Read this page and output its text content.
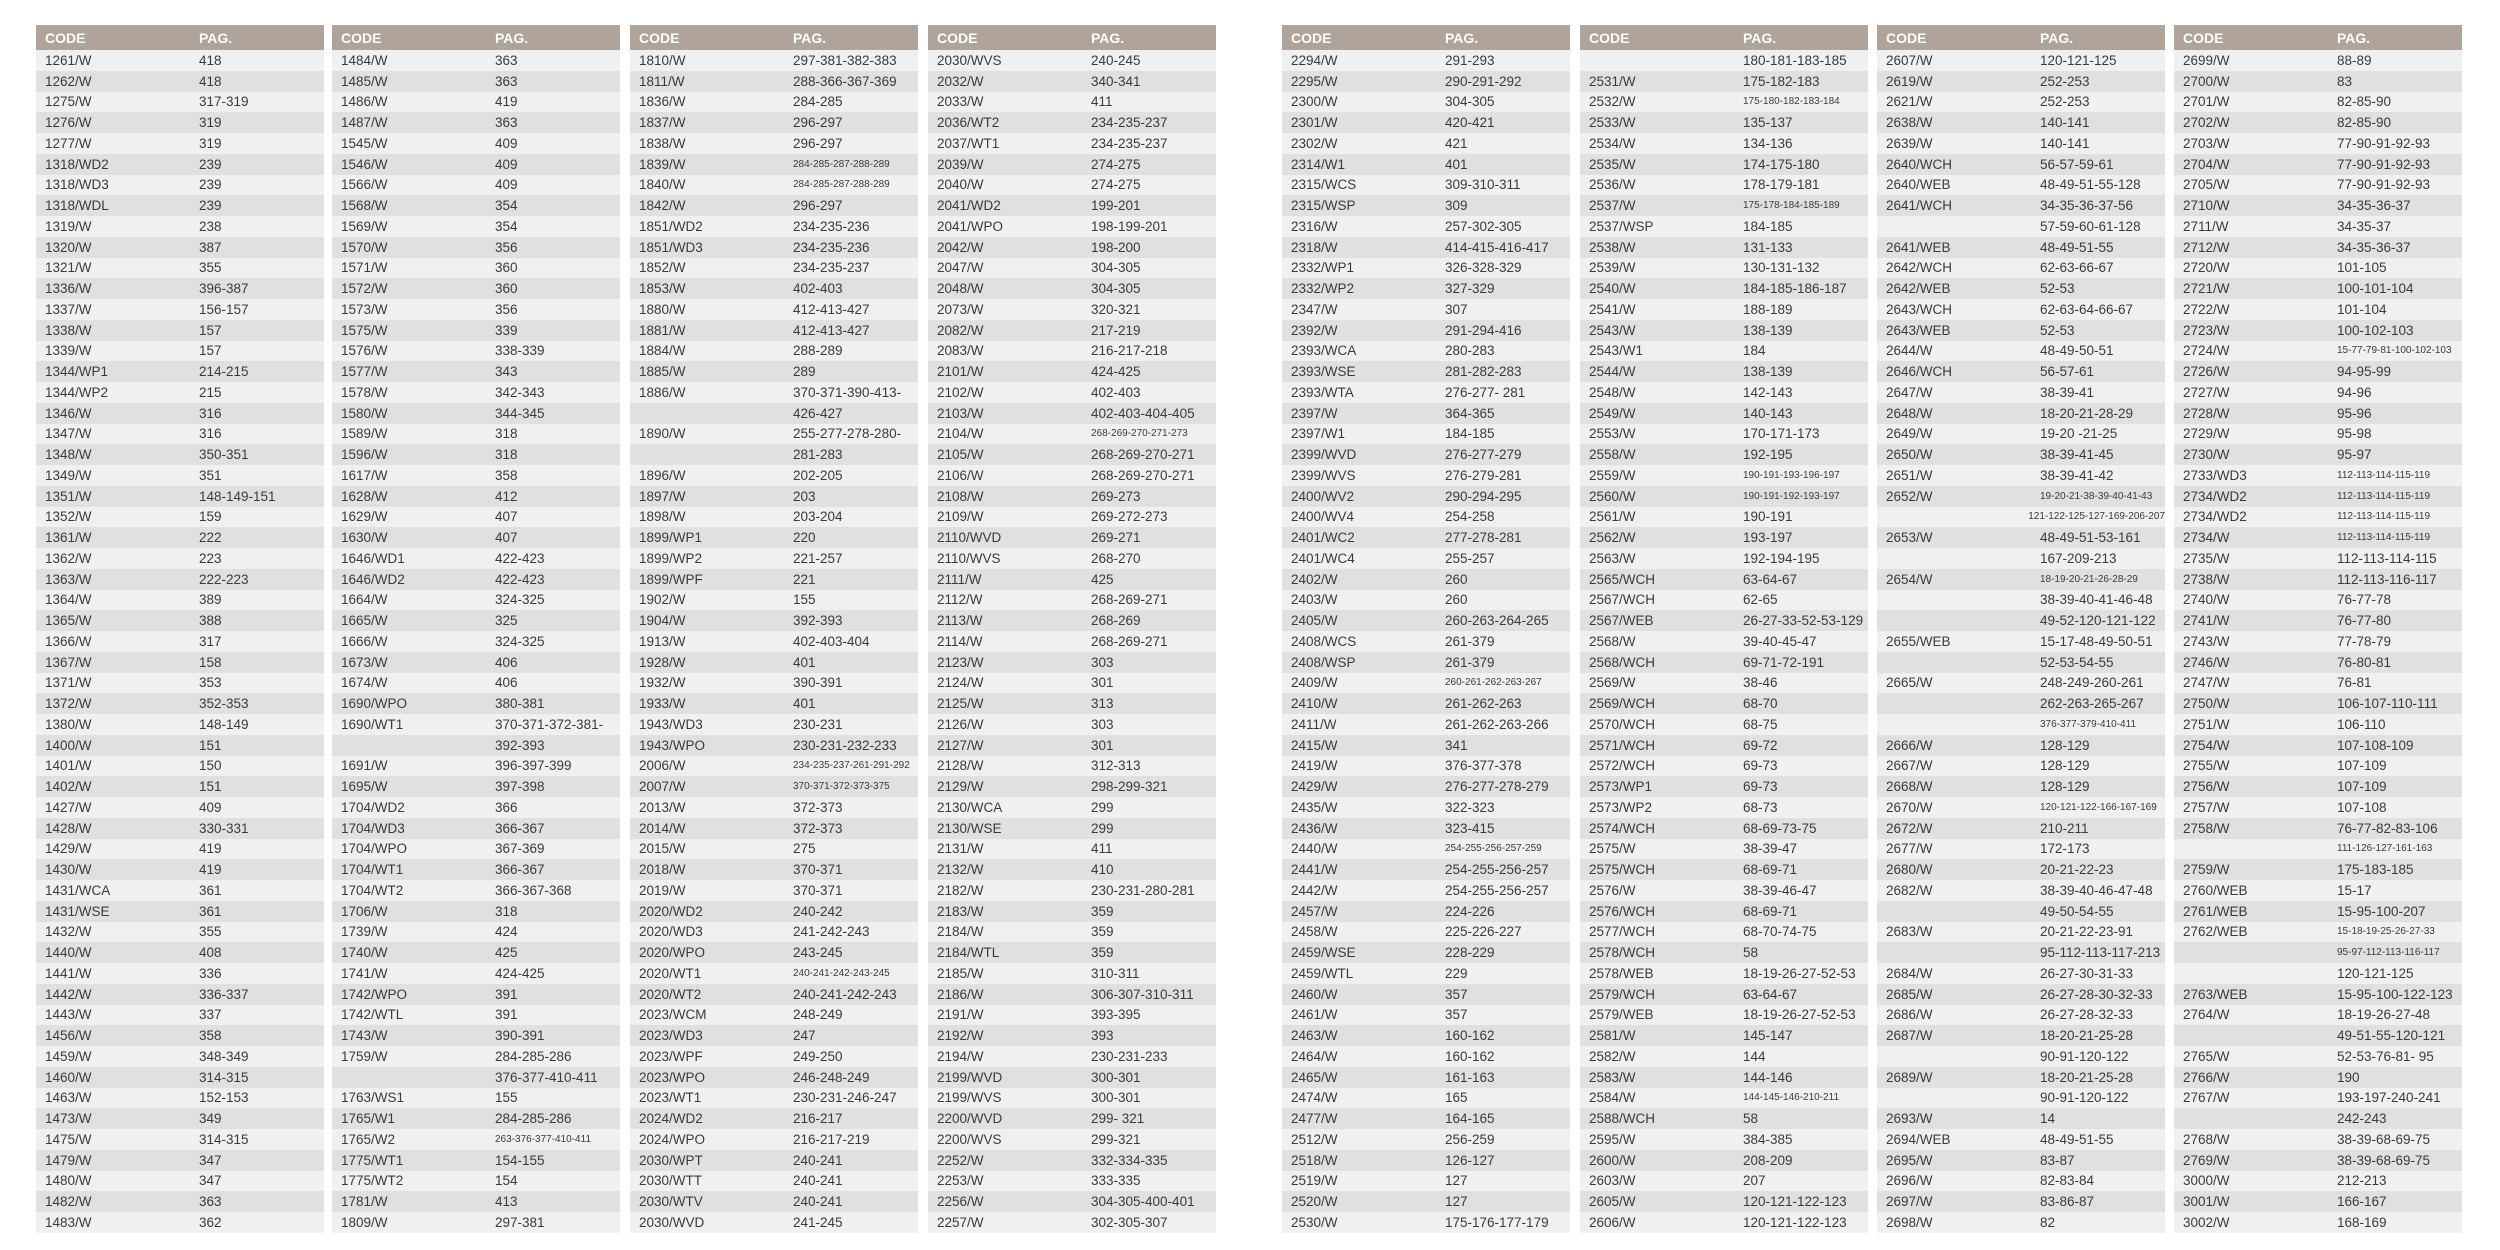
CODE	PAG.
1261/W	418
1262/W	418
1275/W	317-319
1276/W	319
1277/W	319
1318/WD2	239
1318/WD3	239
1318/WDL	239
1319/W	238
1320/W	387
1321/W	355
1336/W	396-387
1337/W	156-157
1338/W	157
1339/W	157
1344/WP1	214-215
1344/WP2	215
1346/W	316
1347/W	316
1348/W	350-351
1349/W	351
1351/W	148-149-151
1352/W	159
1361/W	222
1362/W	223
1363/W	222-223
1364/W	389
1365/W	388
1366/W	317
1367/W	158
1371/W	353
1372/W	352-353
1380/W	148-149
1400/W	151
1401/W	150
1402/W	151
1427/W	409
1428/W	330-331
1429/W	419
1430/W	419
1431/WCA	361
1431/WSE	361
1432/W	355
1440/W	408
1441/W	336
1442/W	336-337
1443/W	337
1456/W	358
1459/W	348-349
1460/W	314-315
1463/W	152-153
1473/W	349
1475/W	314-315
1479/W	347
1480/W	347
1482/W	363
1483/W	362
CODE	PAG.
1484/W	363
1485/W	363
1486/W	419
1487/W	363
1545/W	409
1546/W	409
1566/W	409
1568/W	354
1569/W	354
1570/W	356
1571/W	360
1572/W	360
1573/W	356
1575/W	339
1576/W	338-339
1577/W	343
1578/W	342-343
1580/W	344-345
1589/W	318
1596/W	318
1617/W	358
1628/W	412
1629/W	407
1630/W	407
1646/WD1	422-423
1646/WD2	422-423
1664/W	324-325
1665/W	325
1666/W	324-325
1673/W	406
1674/W	406
1690/WPO	380-381
1690/WT1	370-371-372-381-
392-393
1691/W	396-397-399
1695/W	397-398
1704/WD2	366
1704/WD3	366-367
1704/WPO	367-369
1704/WT1	366-367
1704/WT2	366-367-368
1706/W	318
1739/W	424
1740/W	425
1741/W	424-425
1742/WPO	391
1742/WTL	391
1743/W	390-391
1759/W	284-285-286
376-377-410-411
1763/WS1	155
1765/W1	284-285-286
1765/W2	263-376-377-410-411
1775/WT1	154-155
1775/WT2	154
1781/W	413
1809/W	297-381
CODE	PAG.
1810/W	297-381-382-383
1811/W	288-366-367-369
1836/W	284-285
1837/W	296-297
1838/W	296-297
1839/W	284-285-287-288-289
1840/W	284-285-287-288-289
1842/W	296-297
1851/WD2	234-235-236
1851/WD3	234-235-236
1852/W	234-235-237
1853/W	402-403
1880/W	412-413-427
1881/W	412-413-427
1884/W	288-289
1885/W	289
1886/W	370-371-390-413-
426-427
1890/W	255-277-278-280-
281-283
1896/W	202-205
1897/W	203
1898/W	203-204
1899/WP1	220
1899/WP2	221-257
1899/WPF	221
1902/W	155
1904/W	392-393
1913/W	402-403-404
1928/W	401
1932/W	390-391
1933/W	401
1943/WD3	230-231
1943/WPO	230-231-232-233
2006/W	234-235-237-261-291-292
2007/W	370-371-372-373-375
2013/W	372-373
2014/W	372-373
2015/W	275
2018/W	370-371
2019/W	370-371
2020/WD2	240-242
2020/WD3	241-242-243
2020/WPO	243-245
2020/WT1	240-241-242-243-245
2020/WT2	240-241-242-243
2023/WCM	248-249
2023/WD3	247
2023/WPF	249-250
2023/WPO	246-248-249
2023/WT1	230-231-246-247
2024/WD2	216-217
2024/WPO	216-217-219
2030/WPT	240-241
2030/WTT	240-241
2030/WTV	240-241
2030/WVD	241-245
CODE	PAG.
2030/WVS	240-245
2032/W	340-341
2033/W	411
2036/WT2	234-235-237
2037/WT1	234-235-237
2039/W	274-275
2040/W	274-275
2041/WD2	199-201
2041/WPO	198-199-201
2042/W	198-200
2047/W	304-305
2048/W	304-305
2073/W	320-321
2082/W	217-219
2083/W	216-217-218
2101/W	424-425
2102/W	402-403
2103/W	402-403-404-405
2104/W	268-269-270-271-273
2105/W	268-269-270-271
2106/W	268-269-270-271
2108/W	269-273
2109/W	269-272-273
2110/WVD	269-271
2110/WVS	268-270
2111/W	425
2112/W	268-269-271
2113/W	268-269
2114/W	268-269-271
2123/W	303
2124/W	301
2125/W	313
2126/W	303
2127/W	301
2128/W	312-313
2129/W	298-299-321
2130/WCA	299
2130/WSE	299
2131/W	411
2132/W	410
2182/W	230-231-280-281
2183/W	359
2184/W	359
2184/WTL	359
2185/W	310-311
2186/W	306-307-310-311
2191/W	393-395
2192/W	393
2194/W	230-231-233
2199/WVD	300-301
2199/WVS	300-301
2200/WVD	299- 321
2200/WVS	299-321
2252/W	332-334-335
2253/W	333-335
2256/W	304-305-400-401
2257/W	302-305-307
CODE	PAG.
2294/W	291-293
2295/W	290-291-292
2300/W	304-305
2301/W	420-421
2302/W	421
2314/W1	401
2315/WCS	309-310-311
2315/WSP	309
2316/W	257-302-305
2318/W	414-415-416-417
2332/WP1	326-328-329
2332/WP2	327-329
2347/W	307
2392/W	291-294-416
2393/WCA	280-283
2393/WSE	281-282-283
2393/WTA	276-277- 281
2397/W	364-365
2397/W1	184-185
2399/WVD	276-277-279
2399/WVS	276-279-281
2400/WV2	290-294-295
2400/WV4	254-258
2401/WC2	277-278-281
2401/WC4	255-257
2402/W	260
2403/W	260
2405/W	260-263-264-265
2408/WCS	261-379
2408/WSP	261-379
2409/W	260-261-262-263-267
2410/W	261-262-263
2411/W	261-262-263-266
2415/W	341
2419/W	376-377-378
2429/W	276-277-278-279
2435/W	322-323
2436/W	323-415
2440/W	254-255-256-257-259
2441/W	254-255-256-257
2442/W	254-255-256-257
2457/W	224-226
2458/W	225-226-227
2459/WSE	228-229
2459/WTL	229
2460/W	357
2461/W	357
2463/W	160-162
2464/W	160-162
2465/W	161-163
2474/W	165
2477/W	164-165
2512/W	256-259
2518/W	126-127
2519/W	127
2520/W	127
2530/W	175-176-177-179
CODE	PAG.
180-181-183-185
2531/W	175-182-183
2532/W	175-180-182-183-184
2533/W	135-137
2534/W	134-136
2535/W	174-175-180
2536/W	178-179-181
2537/W	175-178-184-185-189
2537/WSP	184-185
2538/W	131-133
2539/W	130-131-132
2540/W	184-185-186-187
2541/W	188-189
2543/W	138-139
2543/W1	184
2544/W	138-139
2548/W	142-143
2549/W	140-143
2553/W	170-171-173
2558/W	192-195
2559/W	190-191-193-196-197
2560/W	190-191-192-193-197
2561/W	190-191
2562/W	193-197
2563/W	192-194-195
2565/WCH	63-64-67
2567/WCH	62-65
2567/WEB	26-27-33-52-53-129
2568/W	39-40-45-47
2568/WCH	69-71-72-191
2569/W	38-46
2569/WCH	68-70
2570/WCH	68-75
2571/WCH	69-72
2572/WCH	69-73
2573/WP1	69-73
2573/WP2	68-73
2574/WCH	68-69-73-75
2575/W	38-39-47
2575/WCH	68-69-71
2576/W	38-39-46-47
2576/WCH	68-69-71
2577/WCH	68-70-74-75
2578/WCH	58
2578/WEB	18-19-26-27-52-53
2579/WCH	63-64-67
2579/WEB	18-19-26-27-52-53
2581/W	145-147
2582/W	144
2583/W	144-146
2584/W	144-145-146-210-211
2588/WCH	58
2595/W	384-385
2600/W	208-209
2603/W	207
2605/W	120-121-122-123
2606/W	120-121-122-123
CODE	PAG.
2607/W	120-121-125
2619/W	252-253
2621/W	252-253
2638/W	140-141
2639/W	140-141
2640/WCH	56-57-59-61
2640/WEB	48-49-51-55-128
2641/WCH	34-35-36-37-56
57-59-60-61-128
2641/WEB	48-49-51-55
2642/WCH	62-63-66-67
2642/WEB	52-53
2643/WCH	62-63-64-66-67
2643/WEB	52-53
2644/W	48-49-50-51
2646/WCH	56-57-61
2647/W	38-39-41
2648/W	18-20-21-28-29
2649/W	19-20 -21-25
2650/W	38-39-41-45
2651/W	38-39-41-42
2652/W	19-20-21-38-39-40-41-43
121-122-125-127-169-206-207
2653/W	48-49-51-53-161
167-209-213
2654/W	18-19-20-21-26-28-29
38-39-40-41-46-48
49-52-120-121-122
2655/WEB	15-17-48-49-50-51
52-53-54-55
2665/W	248-249-260-261
262-263-265-267
376-377-379-410-411
2666/W	128-129
2667/W	128-129
2668/W	128-129
2670/W	120-121-122-166-167-169
2672/W	210-211
2677/W	172-173
2680/W	20-21-22-23
2682/W	38-39-40-46-47-48
49-50-54-55
2683/W	20-21-22-23-91
95-112-113-117-213
2684/W	26-27-30-31-33
2685/W	26-27-28-30-32-33
2686/W	26-27-28-32-33
2687/W	18-20-21-25-28
90-91-120-122
2689/W	18-20-21-25-28
90-91-120-122
2693/W	14
2694/WEB	48-49-51-55
2695/W	83-87
2696/W	82-83-84
2697/W	83-86-87
2698/W	82
CODE	PAG.
2699/W	88-89
2700/W	83
2701/W	82-85-90
2702/W	82-85-90
2703/W	77-90-91-92-93
2704/W	77-90-91-92-93
2705/W	77-90-91-92-93
2710/W	34-35-36-37
2711/W	34-35-37
2712/W	34-35-36-37
2720/W	101-105
2721/W	100-101-104
2722/W	101-104
2723/W	100-102-103
2724/W	15-77-79-81-100-102-103
2726/W	94-95-99
2727/W	94-96
2728/W	95-96
2729/W	95-98
2730/W	95-97
2733/WD3	112-113-114-115-119
2734/WD2	112-113-114-115-119
2734/WD2	112-113-114-115-119
2734/W	112-113-114-115-119
2735/W	112-113-114-115
2738/W	112-113-116-117
2740/W	76-77-78
2741/W	76-77-80
2743/W	77-78-79
2746/W	76-80-81
2747/W	76-81
2750/W	106-107-110-111
2751/W	106-110
2754/W	107-108-109
2755/W	107-109
2756/W	107-109
2757/W	107-108
2758/W	76-77-82-83-106
111-126-127-161-163
2759/W	175-183-185
2760/WEB	15-17
2761/WEB	15-95-100-207
2762/WEB	15-18-19-25-26-27-33
95-97-112-113-116-117
120-121-125
2763/WEB	15-95-100-122-123
2764/W	18-19-26-27-48
49-51-55-120-121
2765/W	52-53-76-81- 95
2766/W	190
2767/W	193-197-240-241
242-243
2768/W	38-39-68-69-75
2769/W	38-39-68-69-75
3000/W	212-213
3001/W	166-167
3002/W	168-169
